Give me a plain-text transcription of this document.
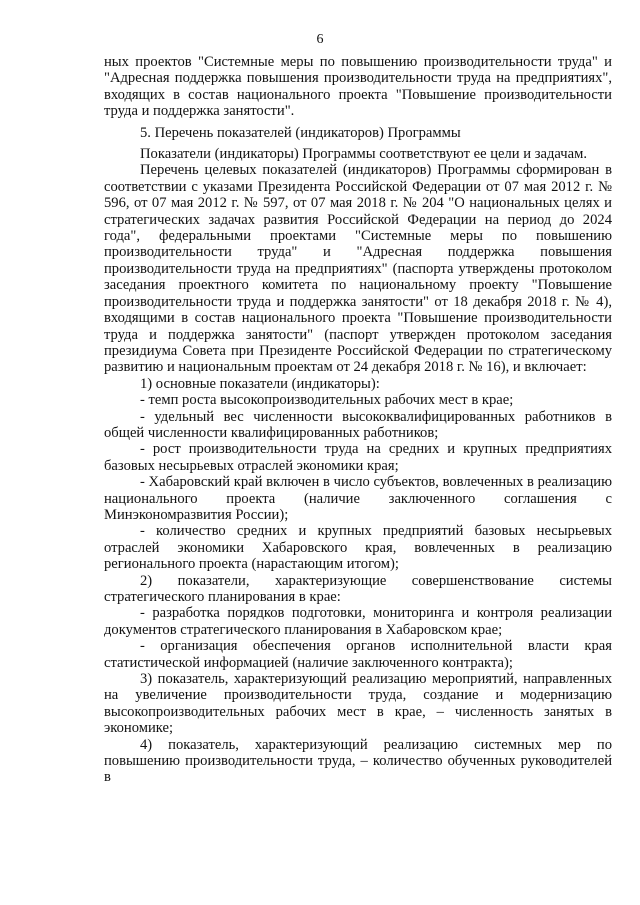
6

ных проектов "Системные меры по повышению производительности труда" и "Адресная поддержка повышения производительности труда на предприятиях", входящих в состав национального проекта "Повышение производительности труда и поддержка занятости".

5. Перечень показателей (индикаторов) Программы

Показатели (индикаторы) Программы соответствуют ее цели и задачам.

Перечень целевых показателей (индикаторов) Программы сформирован в соответствии с указами Президента Российской Федерации от 07 мая 2012 г. № 596, от 07 мая 2012 г. № 597, от 07 мая 2018 г. № 204 "О национальных целях и стратегических задачах развития Российской Федерации на период до 2024 года", федеральными проектами "Системные меры по повышению производительности труда" и "Адресная поддержка повышения производительности труда на предприятиях" (паспорта утверждены протоколом заседания проектного комитета по национальному проекту "Повышение производительности труда и поддержка занятости" от 18 декабря 2018 г. № 4), входящими в состав национального проекта "Повышение производительности труда и поддержка занятости" (паспорт утвержден протоколом заседания президиума Совета при Президенте Российской Федерации по стратегическому развитию и национальным проектам от 24 декабря 2018 г. № 16), и включает:

1) основные показатели (индикаторы):

- темп роста высокопроизводительных рабочих мест в крае;

- удельный вес численности высококвалифицированных работников в общей численности квалифицированных работников;

- рост производительности труда на средних и крупных предприятиях базовых несырьевых отраслей экономики края;

- Хабаровский край включен в число субъектов, вовлеченных в реализацию национального проекта (наличие заключенного соглашения с Минэкономразвития России);

- количество средних и крупных предприятий базовых несырьевых отраслей экономики Хабаровского края, вовлеченных в реализацию регионального проекта (нарастающим итогом);

2) показатели, характеризующие совершенствование системы стратегического планирования в крае:

- разработка порядков подготовки, мониторинга и контроля реализации документов стратегического планирования в Хабаровском крае;

- организация обеспечения органов исполнительной власти края статистической информацией (наличие заключенного контракта);

3) показатель, характеризующий реализацию мероприятий, направленных на увеличение производительности труда, создание и модернизацию высокопроизводительных рабочих мест в крае, – численность занятых в экономике;

4) показатель, характеризующий реализацию системных мер по повышению производительности труда, – количество обученных руководителей в
